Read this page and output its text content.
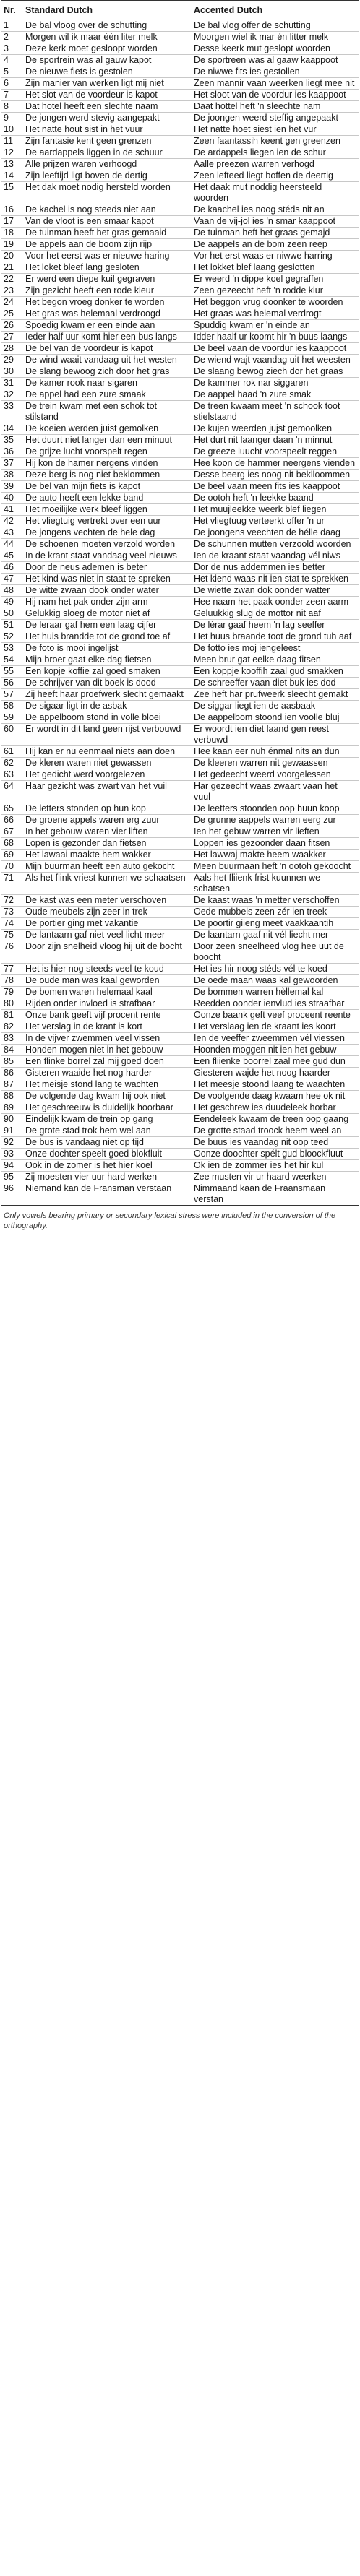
Nr.	Standard Dutch	Accented Dutch
1	De bal vloog over de schutting	De bal vlog offer de schutting
2	Morgen wil ik maar één liter melk	Moorgen wiel ik mar én litter melk
3	Deze kerk moet gesloopt worden	Desse keerk mut geslopt woorden
4	De sportrein was al gauw kapot	De sportreen was al gaaw kaappoot
5	De nieuwe fiets is gestolen	De niwwe fits ies gestollen
6	Zijn manier van werken ligt mij niet	Zeen mannir vaan weerken liegt mee nit
7	Het slot van de voordeur is kapot	Het sloot van de voordur ies kaappoot
8	Dat hotel heeft een slechte naam	Daat hottel heft 'n sleechte nam
9	De jongen werd stevig aangepakt	De joongen weerd steffig angepaakt
10	Het natte hout sist in het vuur	Het natte hoet siest ien het vur
11	Zijn fantasie kent geen grenzen	Zeen faantassih keent gen greenzen
12	De aardappels liggen in de schuur	De ardappels liegen ien de schur
13	Alle prijzen waren verhoogd	Aalle preezen warren verhogd
14	Zijn leeftijd ligt boven de dertig	Zeen lefteed liegt boffen de deertig
15	Het dak moet nodig hersteld worden	Het daak mut noddig heersteeld woorden
16	De kachel is nog steeds niet aan	De kaachel ies noog stéds nit an
17	Van de vloot is een smaar kapot	Vaan de vij-jol ies 'n smar kaappoot
18	De tuinman heeft het gras gemaaid	De tuinman heft het graas gemajd
19	De appels aan de boom zijn rijp	De aappels an de bom zeen reep
20	Voor het eerst was er nieuwe haring	Vor het erst waas er niwwe harring
21	Het loket bleef lang gesloten	Het lokket blef laang geslotten
22	Er werd een diepe kuil gegraven	Er weerd 'n dippe koel gegraffen
23	Zijn gezicht heeft een rode kleur	Zeen gezeecht heft 'n rodde klur
24	Het begon vroeg donker te worden	Het beggon vrug doonker te woorden
25	Het gras was helemaal verdroogd	Het graas was helemal verdrogt
26	Spoedig kwam er een einde aan	Spuddig kwam er 'n einde an
27	Ieder half uur komt hier een bus langs	Idder haalf ur koomt hir 'n buus laangs
28	De bel van de voordeur is kapot	De beel vaan de voordur ies kaappoot
29	De wind waait vandaag uit het westen	De wiend wajt vaandag uit het weesten
30	De slang bewoog zich door het gras	De slaang bewog ziech dor het graas
31	De kamer rook naar sigaren	De kammer rok nar siggaren
32	De appel had een zure smaak	De aappel haad 'n zure smak
33	De trein kwam met een schok tot stilstand	De treen kwaam meet 'n schook toot stielstaand
34	De koeien werden juist gemolken	De kujen weerden jujst gemoolken
35	Het duurt niet langer dan een minuut	Het durt nit laanger daan 'n minnut
36	De grijze lucht voorspelt regen	De greeze luucht voorspeelt reggen
37	Hij kon de hamer nergens vinden	Hee koon de hammer neergens vienden
38	Deze berg is nog niet beklommen	Desse beerg ies noog nit beklloommen
39	De bel van mijn fiets is kapot	De beel vaan meen fits ies kaappoot
40	De auto heeft een lekke band	De ootoh heft 'n leekke baand
41	Het moeilijke werk bleef liggen	Het muujleekke weerk blef liegen
42	Het vliegtuig vertrekt over een uur	Het vliegtuug verteerkt offer 'n ur
43	De jongens vechten de hele dag	De joongens veechten de hélle daag
44	De schoenen moeten verzold worden	De schunnen mutten verzoold woorden
45	In de krant staat vandaag veel nieuws	Ien de kraant staat vaandag vél niws
46	Door de neus ademen is beter	Dor de nus addemmen ies better
47	Het kind was niet in staat te spreken	Het kiend waas nit ien stat te sprekken
48	De witte zwaan dook onder water	De wiette zwan dok oonder watter
49	Hij nam het pak onder zijn arm	Hee naam het paak oonder zeen aarm
50	Gelukkig sloeg de motor niet af	Geluukkig slug de mottor nit aaf
51	De leraar gaf hem een laag cijfer	De lèrar gaaf heem 'n lag seeffer
52	Het huis brandde tot de grond toe af	Het huus braande toot de grond tuh aaf
53	De foto is mooi ingelijst	De fotto ies moj iengeleest
54	Mijn broer gaat elke dag fietsen	Meen brur gat eelke daag fitsen
55	Een kopje koffie zal goed smaken	Een koppje kooffih zaal gud smakken
56	De schrijver van dit boek is dood	De schreeffer vaan diet buk ies dod
57	Zij heeft haar proefwerk slecht gemaakt	Zee heft har prufweerk sleecht gemakt
58	De sigaar ligt in de asbak	De siggar liegt ien de aasbaak
59	De appelboom stond in volle bloei	De aappelbom stoond ien voolle bluj
60	Er wordt in dit land geen rijst verbouwd	Er woordt ien diet laand gen reest verbuwd
61	Hij kan er nu eenmaal niets aan doen	Hee kaan eer nuh énmal nits an dun
62	De kleren waren niet gewassen	De kleeren warren nit gewaassen
63	Het gedicht werd voorgelezen	Het gedeecht weerd voorgelessen
64	Haar gezicht was zwart van het vuil	Har gezeecht waas zwaart vaan het vuul
65	De letters stonden op hun kop	De leetters stoonden oop huun koop
66	De groene appels waren erg zuur	De grunne aappels warren eerg zur
67	In het gebouw waren vier liften	Ien het gebuw warren vir lieften
68	Lopen is gezonder dan fietsen	Loppen ies gezoonder daan fitsen
69	Het lawaai maakte hem wakker	Het lawwaj makte heem waakker
70	Mijn buurman heeft een auto gekocht	Meen buurmaan heft 'n ootoh gekoocht
71	Als het flink vriest kunnen we schaatsen	Aals het fliienk frist kuunnen we schatsen
72	De kast was een meter verschoven	De kaast waas 'n metter verschoffen
73	Oude meubels zijn zeer in trek	Oede mubbels zeen zér ien treek
74	De portier ging met vakantie	De poortir giieng meet vaakkaantih
75	De lantaarn gaf niet veel licht meer	De laantarn gaaf nit vél liecht mer
76	Door zijn snelheid vloog hij uit de bocht	Door zeen sneelheed vlog hee uut de boocht
77	Het is hier nog steeds veel te koud	Het ies hir noog stéds vél te koed
78	De oude man was kaal geworden	De oede maan waas kal gewoorden
79	De bomen waren helemaal kaal	De bommen warren hèllemal kal
80	Rijden onder invloed is strafbaar	Reedden oonder ienvlud ies straafbar
81	Onze bank geeft vijf procent rente	Oonze baank geft veef proceent reente
82	Het verslag in de krant is kort	Het verslaag ien de kraant ies koort
83	In de vijver zwemmen veel vissen	Ien de veeffer zweemmen vél viessen
84	Honden mogen niet in het gebouw	Hoonden moggen nit ien het gebuw
85	Een flinke borrel zal mij goed doen	Een fliienke boorrel zaal mee gud dun
86	Gisteren waaide het nog harder	Giesteren wajde het noog haarder
87	Het meisje stond lang te wachten	Het meesje stoond laang te waachten
88	De volgende dag kwam hij ook niet	De voolgende daag kwaam hee ok nit
89	Het geschreeuw is duidelijk hoorbaar	Het geschrew ies duudeleek horbar
90	Eindelijk kwam de trein op gang	Eendeleek kwaam de treen oop gaang
91	De grote stad trok hem wel aan	De grotte staad troock heem weel an
92	De bus is vandaag niet op tijd	De buus ies vaandag nit oop teed
93	Onze dochter speelt goed blokfluit	Oonze doochter spélt gud bloockfluut
94	Ook in de zomer is het hier koel	Ok ien de zommer ies het hir kul
95	Zij moesten vier uur hard werken	Zee musten vir ur haard weerken
96	Niemand kan de Fransman verstaan	Nimmaand kaan de Fraansmaan verstan

Only vowels bearing primary or secondary lexical stress were included in the conversion of the orthography.
